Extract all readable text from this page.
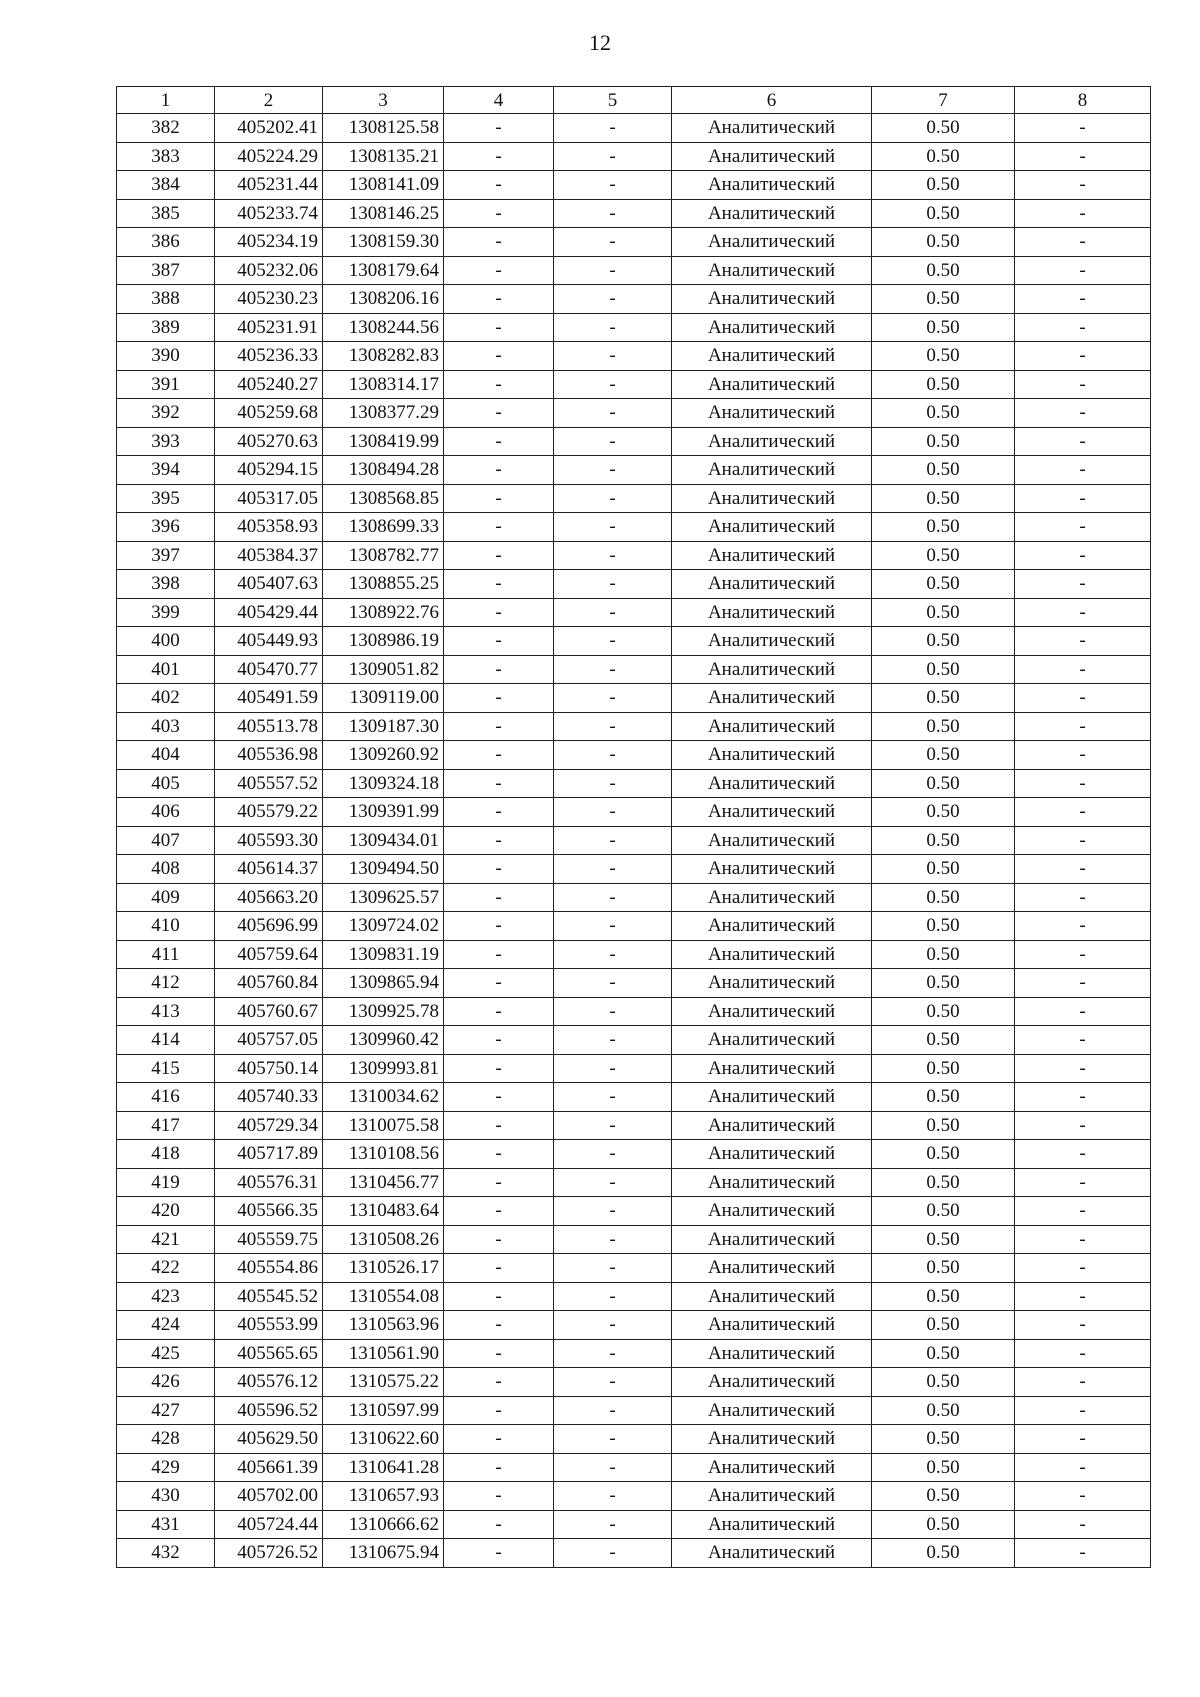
12
1	2	3	4	5	6	7	8
382	405202.41	1308125.58	-	-	Аналитический	0.50	-
383	405224.29	1308135.21	-	-	Аналитический	0.50	-
384	405231.44	1308141.09	-	-	Аналитический	0.50	-
385	405233.74	1308146.25	-	-	Аналитический	0.50	-
386	405234.19	1308159.30	-	-	Аналитический	0.50	-
387	405232.06	1308179.64	-	-	Аналитический	0.50	-
388	405230.23	1308206.16	-	-	Аналитический	0.50	-
389	405231.91	1308244.56	-	-	Аналитический	0.50	-
390	405236.33	1308282.83	-	-	Аналитический	0.50	-
391	405240.27	1308314.17	-	-	Аналитический	0.50	-
392	405259.68	1308377.29	-	-	Аналитический	0.50	-
393	405270.63	1308419.99	-	-	Аналитический	0.50	-
394	405294.15	1308494.28	-	-	Аналитический	0.50	-
395	405317.05	1308568.85	-	-	Аналитический	0.50	-
396	405358.93	1308699.33	-	-	Аналитический	0.50	-
397	405384.37	1308782.77	-	-	Аналитический	0.50	-
398	405407.63	1308855.25	-	-	Аналитический	0.50	-
399	405429.44	1308922.76	-	-	Аналитический	0.50	-
400	405449.93	1308986.19	-	-	Аналитический	0.50	-
401	405470.77	1309051.82	-	-	Аналитический	0.50	-
402	405491.59	1309119.00	-	-	Аналитический	0.50	-
403	405513.78	1309187.30	-	-	Аналитический	0.50	-
404	405536.98	1309260.92	-	-	Аналитический	0.50	-
405	405557.52	1309324.18	-	-	Аналитический	0.50	-
406	405579.22	1309391.99	-	-	Аналитический	0.50	-
407	405593.30	1309434.01	-	-	Аналитический	0.50	-
408	405614.37	1309494.50	-	-	Аналитический	0.50	-
409	405663.20	1309625.57	-	-	Аналитический	0.50	-
410	405696.99	1309724.02	-	-	Аналитический	0.50	-
411	405759.64	1309831.19	-	-	Аналитический	0.50	-
412	405760.84	1309865.94	-	-	Аналитический	0.50	-
413	405760.67	1309925.78	-	-	Аналитический	0.50	-
414	405757.05	1309960.42	-	-	Аналитический	0.50	-
415	405750.14	1309993.81	-	-	Аналитический	0.50	-
416	405740.33	1310034.62	-	-	Аналитический	0.50	-
417	405729.34	1310075.58	-	-	Аналитический	0.50	-
418	405717.89	1310108.56	-	-	Аналитический	0.50	-
419	405576.31	1310456.77	-	-	Аналитический	0.50	-
420	405566.35	1310483.64	-	-	Аналитический	0.50	-
421	405559.75	1310508.26	-	-	Аналитический	0.50	-
422	405554.86	1310526.17	-	-	Аналитический	0.50	-
423	405545.52	1310554.08	-	-	Аналитический	0.50	-
424	405553.99	1310563.96	-	-	Аналитический	0.50	-
425	405565.65	1310561.90	-	-	Аналитический	0.50	-
426	405576.12	1310575.22	-	-	Аналитический	0.50	-
427	405596.52	1310597.99	-	-	Аналитический	0.50	-
428	405629.50	1310622.60	-	-	Аналитический	0.50	-
429	405661.39	1310641.28	-	-	Аналитический	0.50	-
430	405702.00	1310657.93	-	-	Аналитический	0.50	-
431	405724.44	1310666.62	-	-	Аналитический	0.50	-
432	405726.52	1310675.94	-	-	Аналитический	0.50	-
